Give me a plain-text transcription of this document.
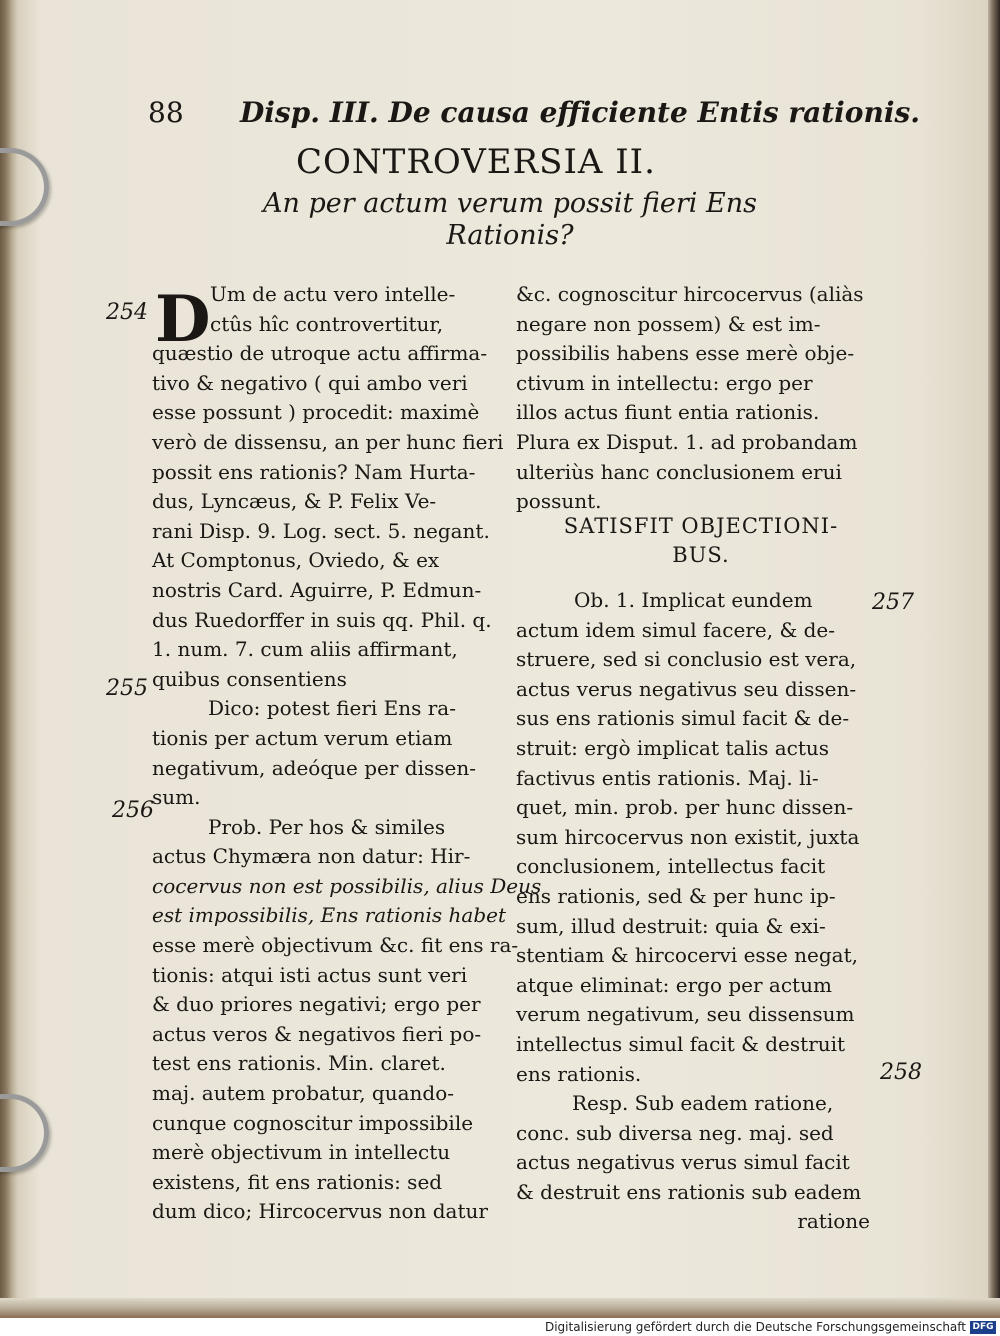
88 Disp. III. De causa efficiente Entis rationis.
CONTROVERSIA II.
An per actum verum possit fieri Ens
Rationis?
254
255
256
257
258
D Um de actu vero intelle-
ctûs hîc controvertitur,
quæstio de utroque actu affirma-
tivo & negativo ( qui ambo veri
esse possunt ) procedit: maximè
verò de dissensu, an per hunc fieri
possit ens rationis? Nam Hurta-
dus, Lyncæus, & P. Felix Ve-
rani Disp. 9. Log. sect. 5. negant.
At Comptonus, Oviedo, & ex
nostris Card. Aguirre, P. Edmun-
dus Ruedorffer in suis qq. Phil. q.
1. num. 7. cum aliis affirmant,
quibus consentiens
Dico: potest fieri Ens ra-
tionis per actum verum etiam
negativum, adeóque per dissen-
sum.
Prob. Per hos & similes
actus Chymæra non datur: Hir-
cocervus non est possibilis, alius Deus
est impossibilis, Ens rationis habet
esse merè objectivum &c. fit ens ra-
tionis: atqui isti actus sunt veri
& duo priores negativi; ergo per
actus veros & negativos fieri po-
test ens rationis. Min. claret.
maj. autem probatur, quando-
cunque cognoscitur impossibile
merè objectivum in intellectu
existens, fit ens rationis: sed
dum dico; Hircocervus non datur
&c. cognoscitur hircocervus (aliàs
negare non possem) & est im-
possibilis habens esse merè obje-
ctivum in intellectu: ergo per
illos actus fiunt entia rationis.
Plura ex Disput. 1. ad probandam
ulteriùs hanc conclusionem erui
possunt.
SATISFIT OBJECTIONI-
BUS.
Ob. 1. Implicat eundem
actum idem simul facere, & de-
struere, sed si conclusio est vera,
actus verus negativus seu dissen-
sus ens rationis simul facit & de-
struit: ergò implicat talis actus
factivus entis rationis. Maj. li-
quet, min. prob. per hunc dissen-
sum hircocervus non existit, juxta
conclusionem, intellectus facit
ens rationis, sed & per hunc ip-
sum, illud destruit: quia & exi-
stentiam & hircocervi esse negat,
atque eliminat: ergo per actum
verum negativum, seu dissensum
intellectus simul facit & destruit
ens rationis.
Resp. Sub eadem ratione,
conc. sub diversa neg. maj. sed
actus negativus verus simul facit
& destruit ens rationis sub eadem
ratione
Digitalisierung gefördert durch die Deutsche Forschungsgemeinschaft DFG
